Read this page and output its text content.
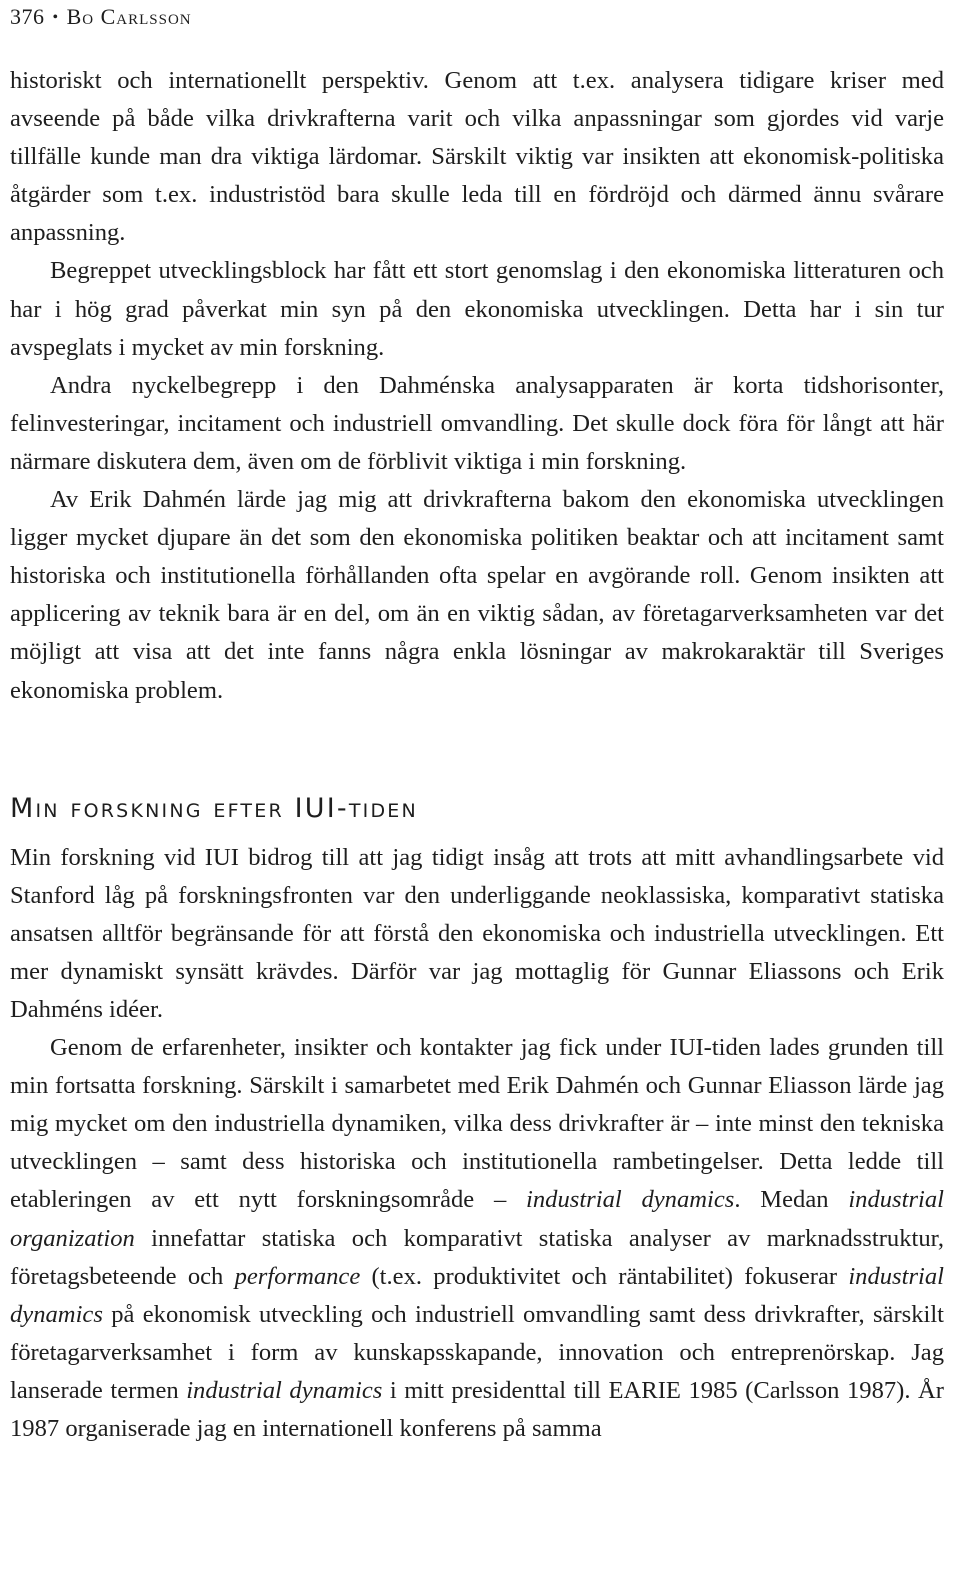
376 • Bo Carlsson

historiskt och internationellt perspektiv. Genom att t.ex. analysera tidigare kriser med avseende på både vilka drivkrafterna varit och vilka anpassningar som gjordes vid varje tillfälle kunde man dra viktiga lärdomar. Särskilt viktig var insikten att ekonomisk-politiska åtgärder som t.ex. industristöd bara skulle leda till en fördröjd och därmed ännu svårare anpassning.

Begreppet utvecklingsblock har fått ett stort genomslag i den ekonomiska litteraturen och har i hög grad påverkat min syn på den ekonomiska utvecklingen. Detta har i sin tur avspeglats i mycket av min forskning.

Andra nyckelbegrepp i den Dahménska analysapparaten är korta tidshorisonter, felinvesteringar, incitament och industriell omvandling. Det skulle dock föra för långt att här närmare diskutera dem, även om de förblivit viktiga i min forskning.

Av Erik Dahmén lärde jag mig att drivkrafterna bakom den ekonomiska utvecklingen ligger mycket djupare än det som den ekonomiska politiken beaktar och att incitament samt historiska och institutionella förhållanden ofta spelar en avgörande roll. Genom insikten att applicering av teknik bara är en del, om än en viktig sådan, av företagarverksamheten var det möjligt att visa att det inte fanns några enkla lösningar av makrokaraktär till Sveriges ekonomiska problem.

Min forskning efter IUI-tiden

Min forskning vid IUI bidrog till att jag tidigt insåg att trots att mitt avhandlingsarbete vid Stanford låg på forskningsfronten var den underliggande neoklassiska, komparativt statiska ansatsen alltför begränsande för att förstå den ekonomiska och industriella utvecklingen. Ett mer dynamiskt synsätt krävdes. Därför var jag mottaglig för Gunnar Eliassons och Erik Dahméns idéer.

Genom de erfarenheter, insikter och kontakter jag fick under IUI-tiden lades grunden till min fortsatta forskning. Särskilt i samarbetet med Erik Dahmén och Gunnar Eliasson lärde jag mig mycket om den industriella dynamiken, vilka dess drivkrafter är – inte minst den tekniska utvecklingen – samt dess historiska och institutionella rambetingelser. Detta ledde till etableringen av ett nytt forskningsområde – industrial dynamics. Medan industrial organization innefattar statiska och komparativt statiska analyser av marknadsstruktur, företagsbeteende och performance (t.ex. produktivitet och räntabilitet) fokuserar industrial dynamics på ekonomisk utveckling och industriell omvandling samt dess drivkrafter, särskilt företagarverksamhet i form av kunskapsskapande, innovation och entreprenörskap. Jag lanserade termen industrial dynamics i mitt presidenttal till EARIE 1985 (Carlsson 1987). År 1987 organiserade jag en internationell konferens på samma
